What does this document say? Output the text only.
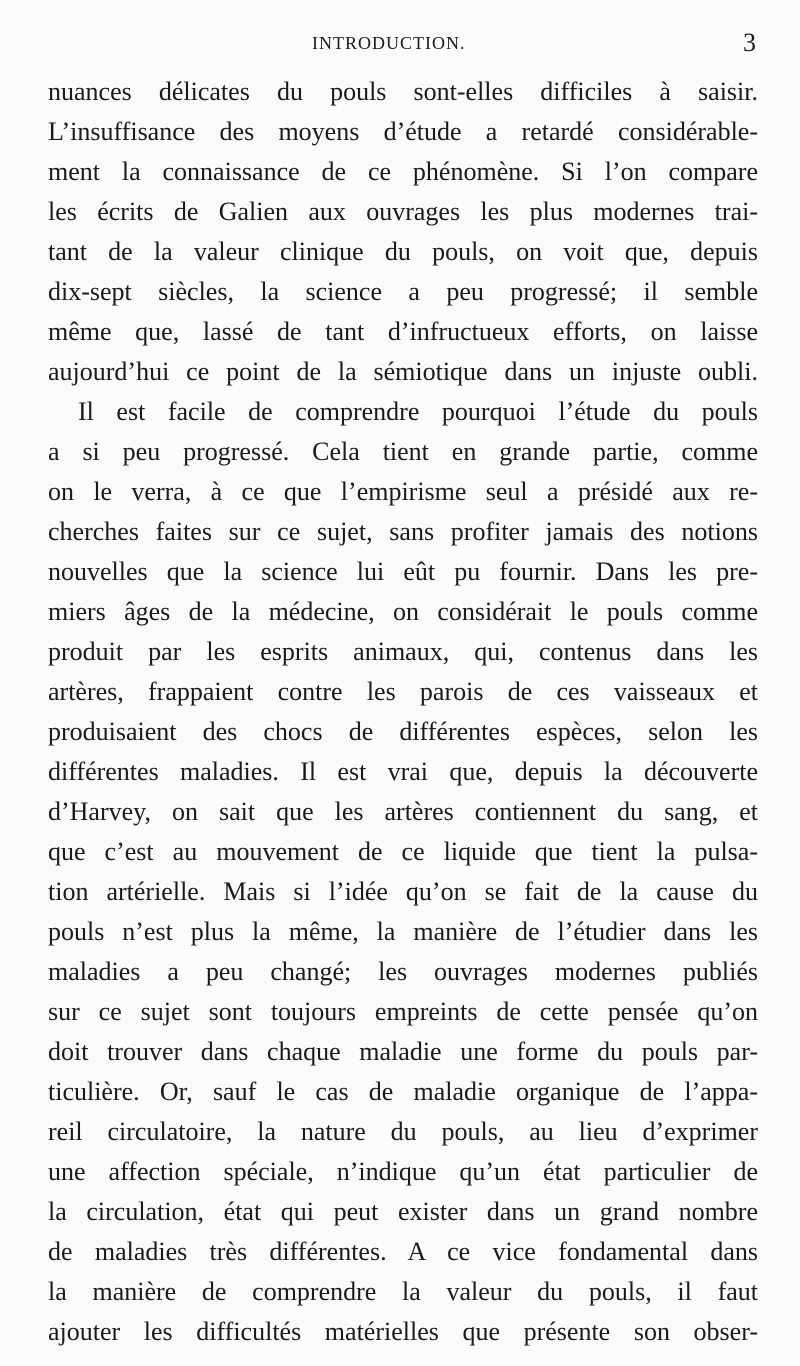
INTRODUCTION.	3
nuances délicates du pouls sont-elles difficiles à saisir.
L’insuffisance des moyens d’étude a retardé considérable-
ment la connaissance de ce phénomène. Si l’on compare
les écrits de Galien aux ouvrages les plus modernes trai-
tant de la valeur clinique du pouls, on voit que, depuis
dix-sept siècles, la science a peu progressé; il semble
même que, lassé de tant d’infructueux efforts, on laisse
aujourd’hui ce point de la sémiotique dans un injuste oubli.
Il est facile de comprendre pourquoi l’étude du pouls
a si peu progressé. Cela tient en grande partie, comme
on le verra, à ce que l’empirisme seul a présidé aux re-
cherches faites sur ce sujet, sans profiter jamais des notions
nouvelles que la science lui eût pu fournir. Dans les pre-
miers âges de la médecine, on considérait le pouls comme
produit par les esprits animaux, qui, contenus dans les
artères, frappaient contre les parois de ces vaisseaux et
produisaient des chocs de différentes espèces, selon les
différentes maladies. Il est vrai que, depuis la découverte
d’Harvey, on sait que les artères contiennent du sang, et
que c’est au mouvement de ce liquide que tient la pulsa-
tion artérielle. Mais si l’idée qu’on se fait de la cause du
pouls n’est plus la même, la manière de l’étudier dans les
maladies a peu changé; les ouvrages modernes publiés
sur ce sujet sont toujours empreints de cette pensée qu’on
doit trouver dans chaque maladie une forme du pouls par-
ticulière. Or, sauf le cas de maladie organique de l’appa-
reil circulatoire, la nature du pouls, au lieu d’exprimer
une affection spéciale, n’indique qu’un état particulier de
la circulation, état qui peut exister dans un grand nombre
de maladies très différentes. A ce vice fondamental dans
la manière de comprendre la valeur du pouls, il faut
ajouter les difficultés matérielles que présente son obser-
